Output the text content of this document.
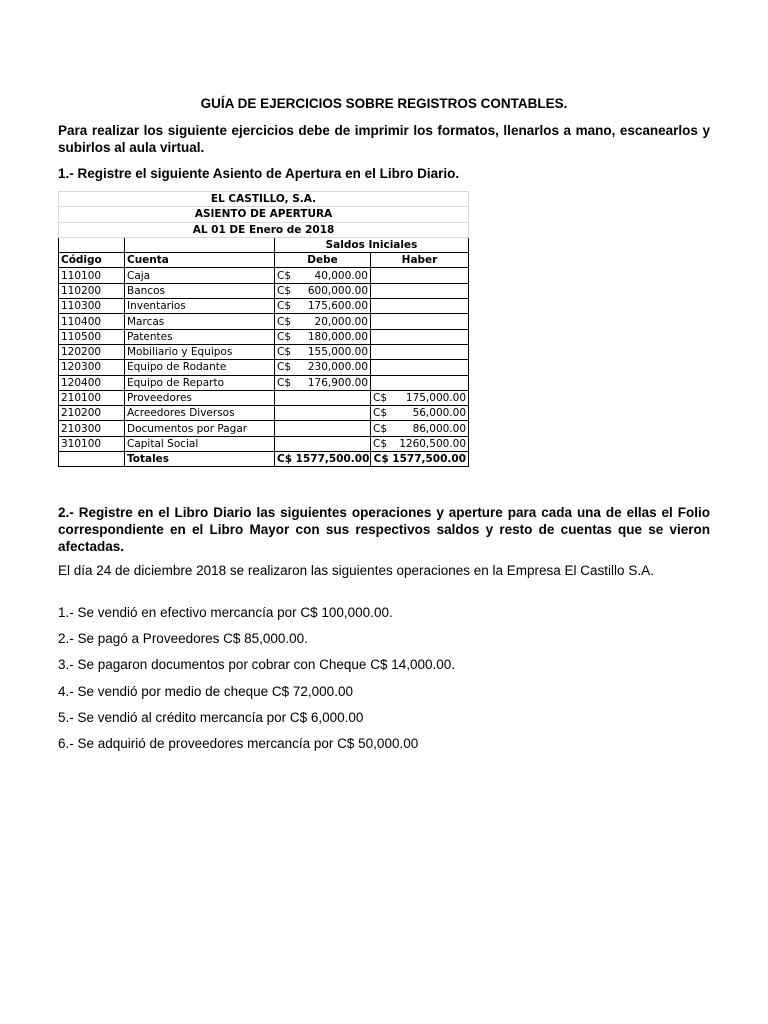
GUÍA DE EJERCICIOS SOBRE REGISTROS CONTABLES.

Para realizar los siguiente ejercicios debe de imprimir los formatos, llenarlos a mano, escanearlos y subirlos al aula virtual.

1.- Registre el siguiente Asiento de Apertura en el Libro Diario.

EL CASTILLO, S.A.			
ASIENTO DE APERTURA			
AL 01 DE Enero de 2018			
		Saldos Iniciales	
Código	Cuenta	Debe	Haber
110100	Caja	C$ 40,000.00	

110200	Bancos	C$ 600,000.00	

110300	Inventarios	C$ 175,600.00	

110400	Marcas	C$ 20,000.00	

110500	Patentes	C$ 180,000.00	

120200	Mobiliario y Equipos	C$ 155,000.00	

120300	Equipo de Rodante	C$ 230,000.00	

120400	Equipo de Reparto	C$ 176,900.00	

210100	Proveedores		C$ 175,000.00

210200	Acreedores Diversos		C$ 56,000.00

210300	Documentos por Pagar		C$ 86,000.00

310100	Capital Social		C$ 1260,500.00

	Totales	C$ 1577,500.00	C$ 1577,500.00

2.- Registre en el Libro Diario las siguientes operaciones y aperture para cada una de ellas el Folio correspondiente en el Libro Mayor con sus respectivos saldos y resto de cuentas que se vieron afectadas.

El día 24 de diciembre 2018 se realizaron las siguientes operaciones en la Empresa El Castillo S.A.

1.- Se vendió en efectivo mercancía por C$ 100,000.00.

2.- Se pagó a Proveedores C$ 85,000.00.

3.- Se pagaron documentos por cobrar con Cheque C$ 14,000.00.

4.- Se vendió por medio de cheque C$ 72,000.00

5.- Se vendió al crédito mercancía por C$ 6,000.00

6.- Se adquirió de proveedores mercancía por C$ 50,000.00
